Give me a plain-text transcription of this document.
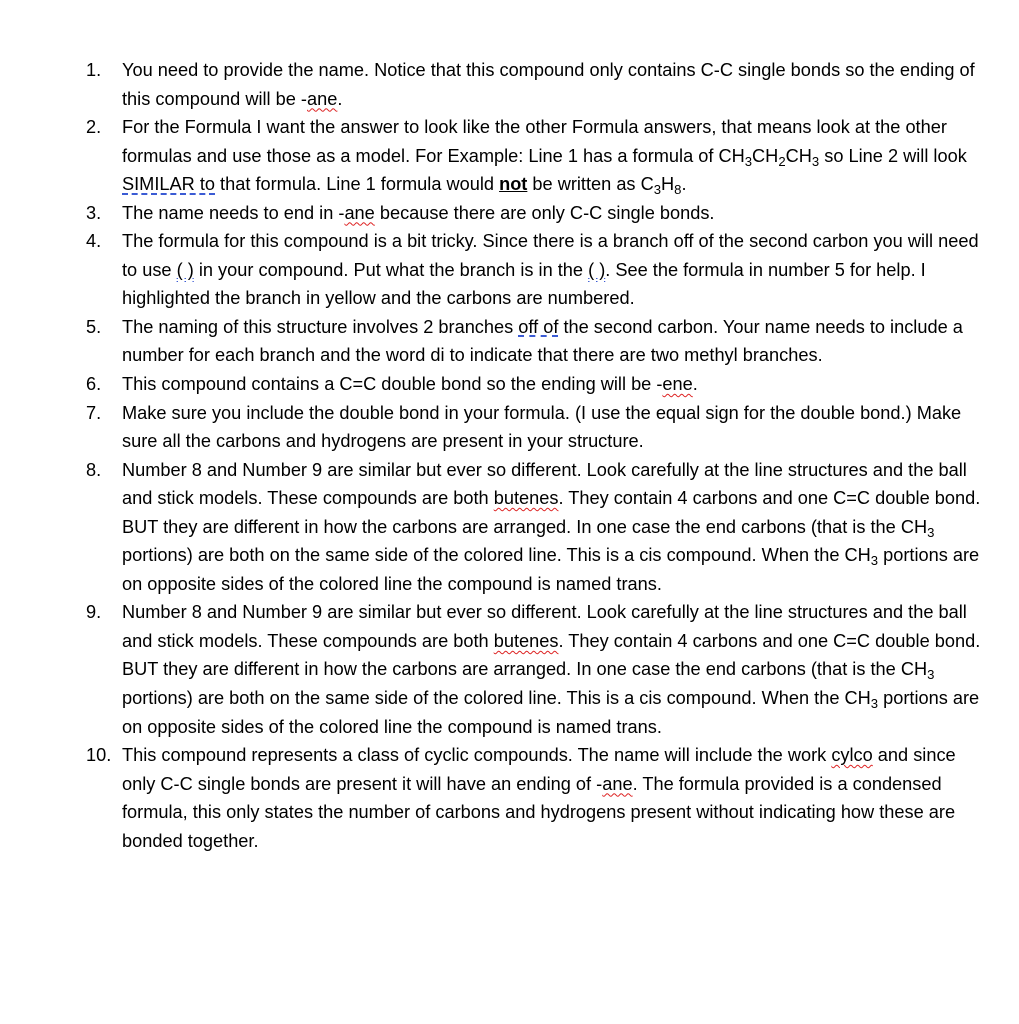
1. You need to provide the name. Notice that this compound only contains C-C single bonds so the ending of this compound will be -ane.
2. For the Formula I want the answer to look like the other Formula answers, that means look at the other formulas and use those as a model. For Example: Line 1 has a formula of $CH_3CH_2CH_3$ so Line 2 will look SIMILAR to that formula. Line 1 formula would not be written as $C_3H_8$.
3. The name needs to end in -ane because there are only C-C single bonds.
4. The formula for this compound is a bit tricky. Since there is a branch off of the second carbon you will need to use ( ) in your compound. Put what the branch is in the ( ). See the formula in number 5 for help. I highlighted the branch in yellow and the carbons are numbered.
5. The naming of this structure involves 2 branches off of the second carbon. Your name needs to include a number for each branch and the word di to indicate that there are two methyl branches.
6. This compound contains a C=C double bond so the ending will be -ene.
7. Make sure you include the double bond in your formula. (I use the equal sign for the double bond.) Make sure all the carbons and hydrogens are present in your structure.
8. Number 8 and Number 9 are similar but ever so different. Look carefully at the line structures and the ball and stick models. These compounds are both butenes. They contain 4 carbons and one C=C double bond. BUT they are different in how the carbons are arranged. In one case the end carbons (that is the $CH_3$ portions) are both on the same side of the colored line. This is a cis compound. When the $CH_3$ portions are on opposite sides of the colored line the compound is named trans.
9. Number 8 and Number 9 are similar but ever so different. Look carefully at the line structures and the ball and stick models. These compounds are both butenes. They contain 4 carbons and one C=C double bond. BUT they are different in how the carbons are arranged. In one case the end carbons (that is the $CH_3$ portions) are both on the same side of the colored line. This is a cis compound. When the $CH_3$ portions are on opposite sides of the colored line the compound is named trans.
10. This compound represents a class of cyclic compounds. The name will include the work cylco and since only C-C single bonds are present it will have an ending of -ane. The formula provided is a condensed formula, this only states the number of carbons and hydrogens present without indicating how these are bonded together.
